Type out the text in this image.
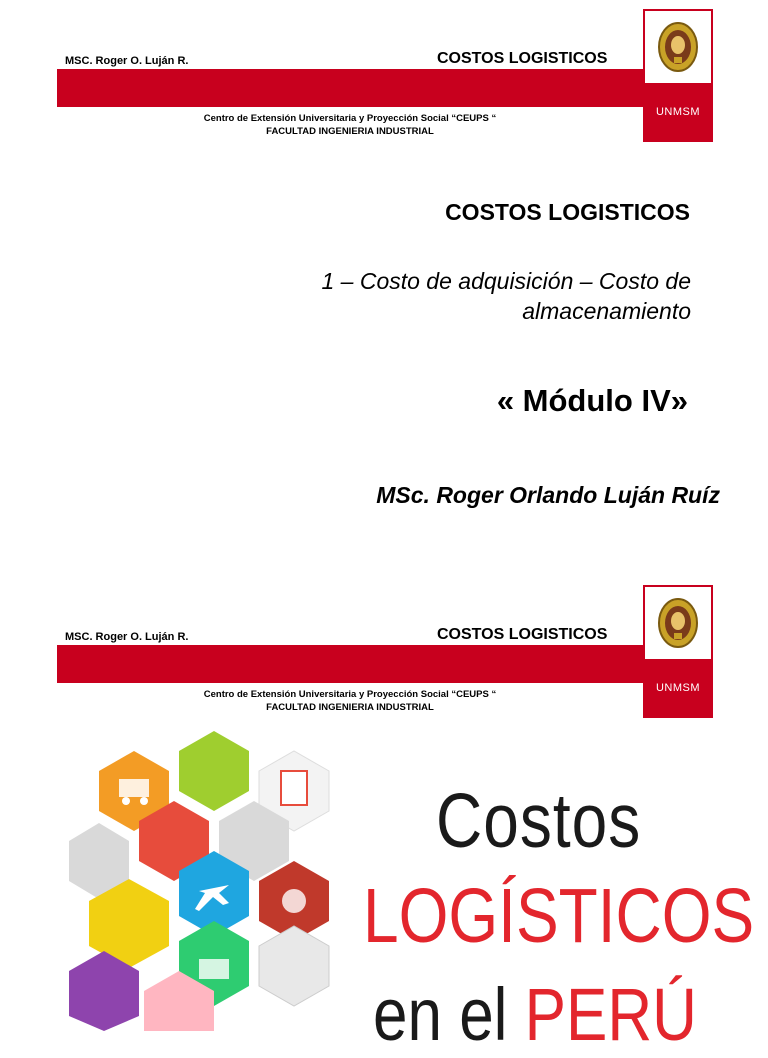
MSC. Roger O. Luján R.	COSTOS LOGISTICOS
UNMSM
Centro de Extensión Universitaria y Proyección Social “CEUPS “
FACULTAD INGENIERIA INDUSTRIAL
COSTOS LOGISTICOS
1 – Costo de adquisición – Costo de almacenamiento
« Módulo IV»
MSc. Roger Orlando Luján Ruíz
MSC. Roger O. Luján R.	COSTOS LOGISTICOS
UNMSM
Centro de Extensión Universitaria y Proyección Social “CEUPS “
FACULTAD INGENIERIA INDUSTRIAL
Costos
LOGÍSTICOS
en el PERÚ
